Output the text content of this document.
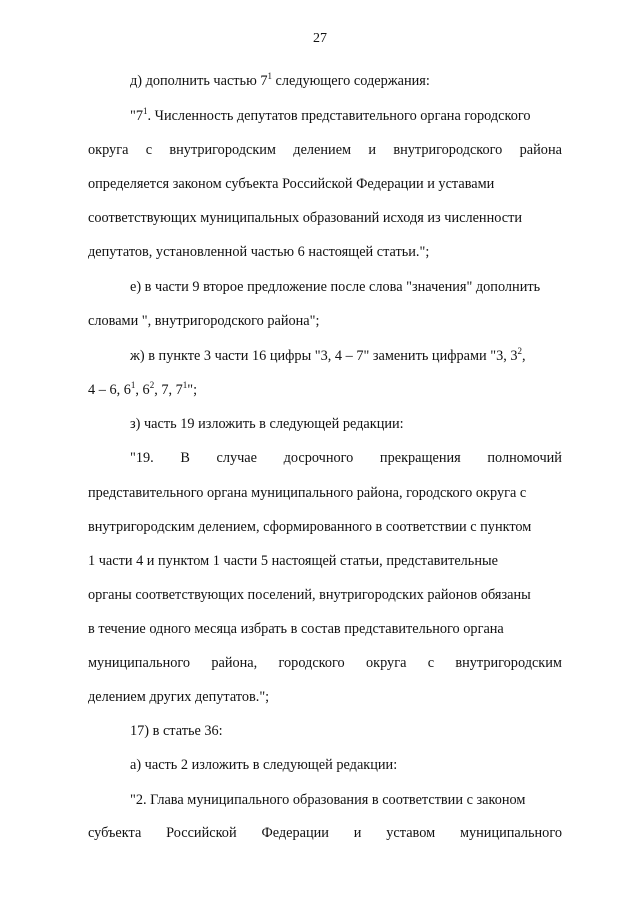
27
д) дополнить частью $7^1$ следующего содержания:
"$7^1$. Численность депутатов представительного органа городского
округа с внутригородским делением и внутригородского района
определяется законом субъекта Российской Федерации и уставами
соответствующих муниципальных образований исходя из численности
депутатов, установленной частью 6 настоящей статьи.";
е) в части 9 второе предложение после слова "значения" дополнить
словами ", внутригородского района";
ж) в пункте 3 части 16 цифры "3, 4 – 7" заменить цифрами "3, $3^2$,
4 – 6, $6^1$, $6^2$, 7, $7^1$";
з) часть 19 изложить в следующей редакции:
"19. В случае досрочного прекращения полномочий
представительного органа муниципального района, городского округа с
внутригородским делением, сформированного в соответствии с пунктом
1 части 4 и пунктом 1 части 5 настоящей статьи, представительные
органы соответствующих поселений, внутригородских районов обязаны
в течение одного месяца избрать в состав представительного органа
муниципального района, городского округа с внутригородским
делением других депутатов.";
17) в статье 36:
а) часть 2 изложить в следующей редакции:
"2. Глава муниципального образования в соответствии с законом
субъекта Российской Федерации и уставом муниципального
